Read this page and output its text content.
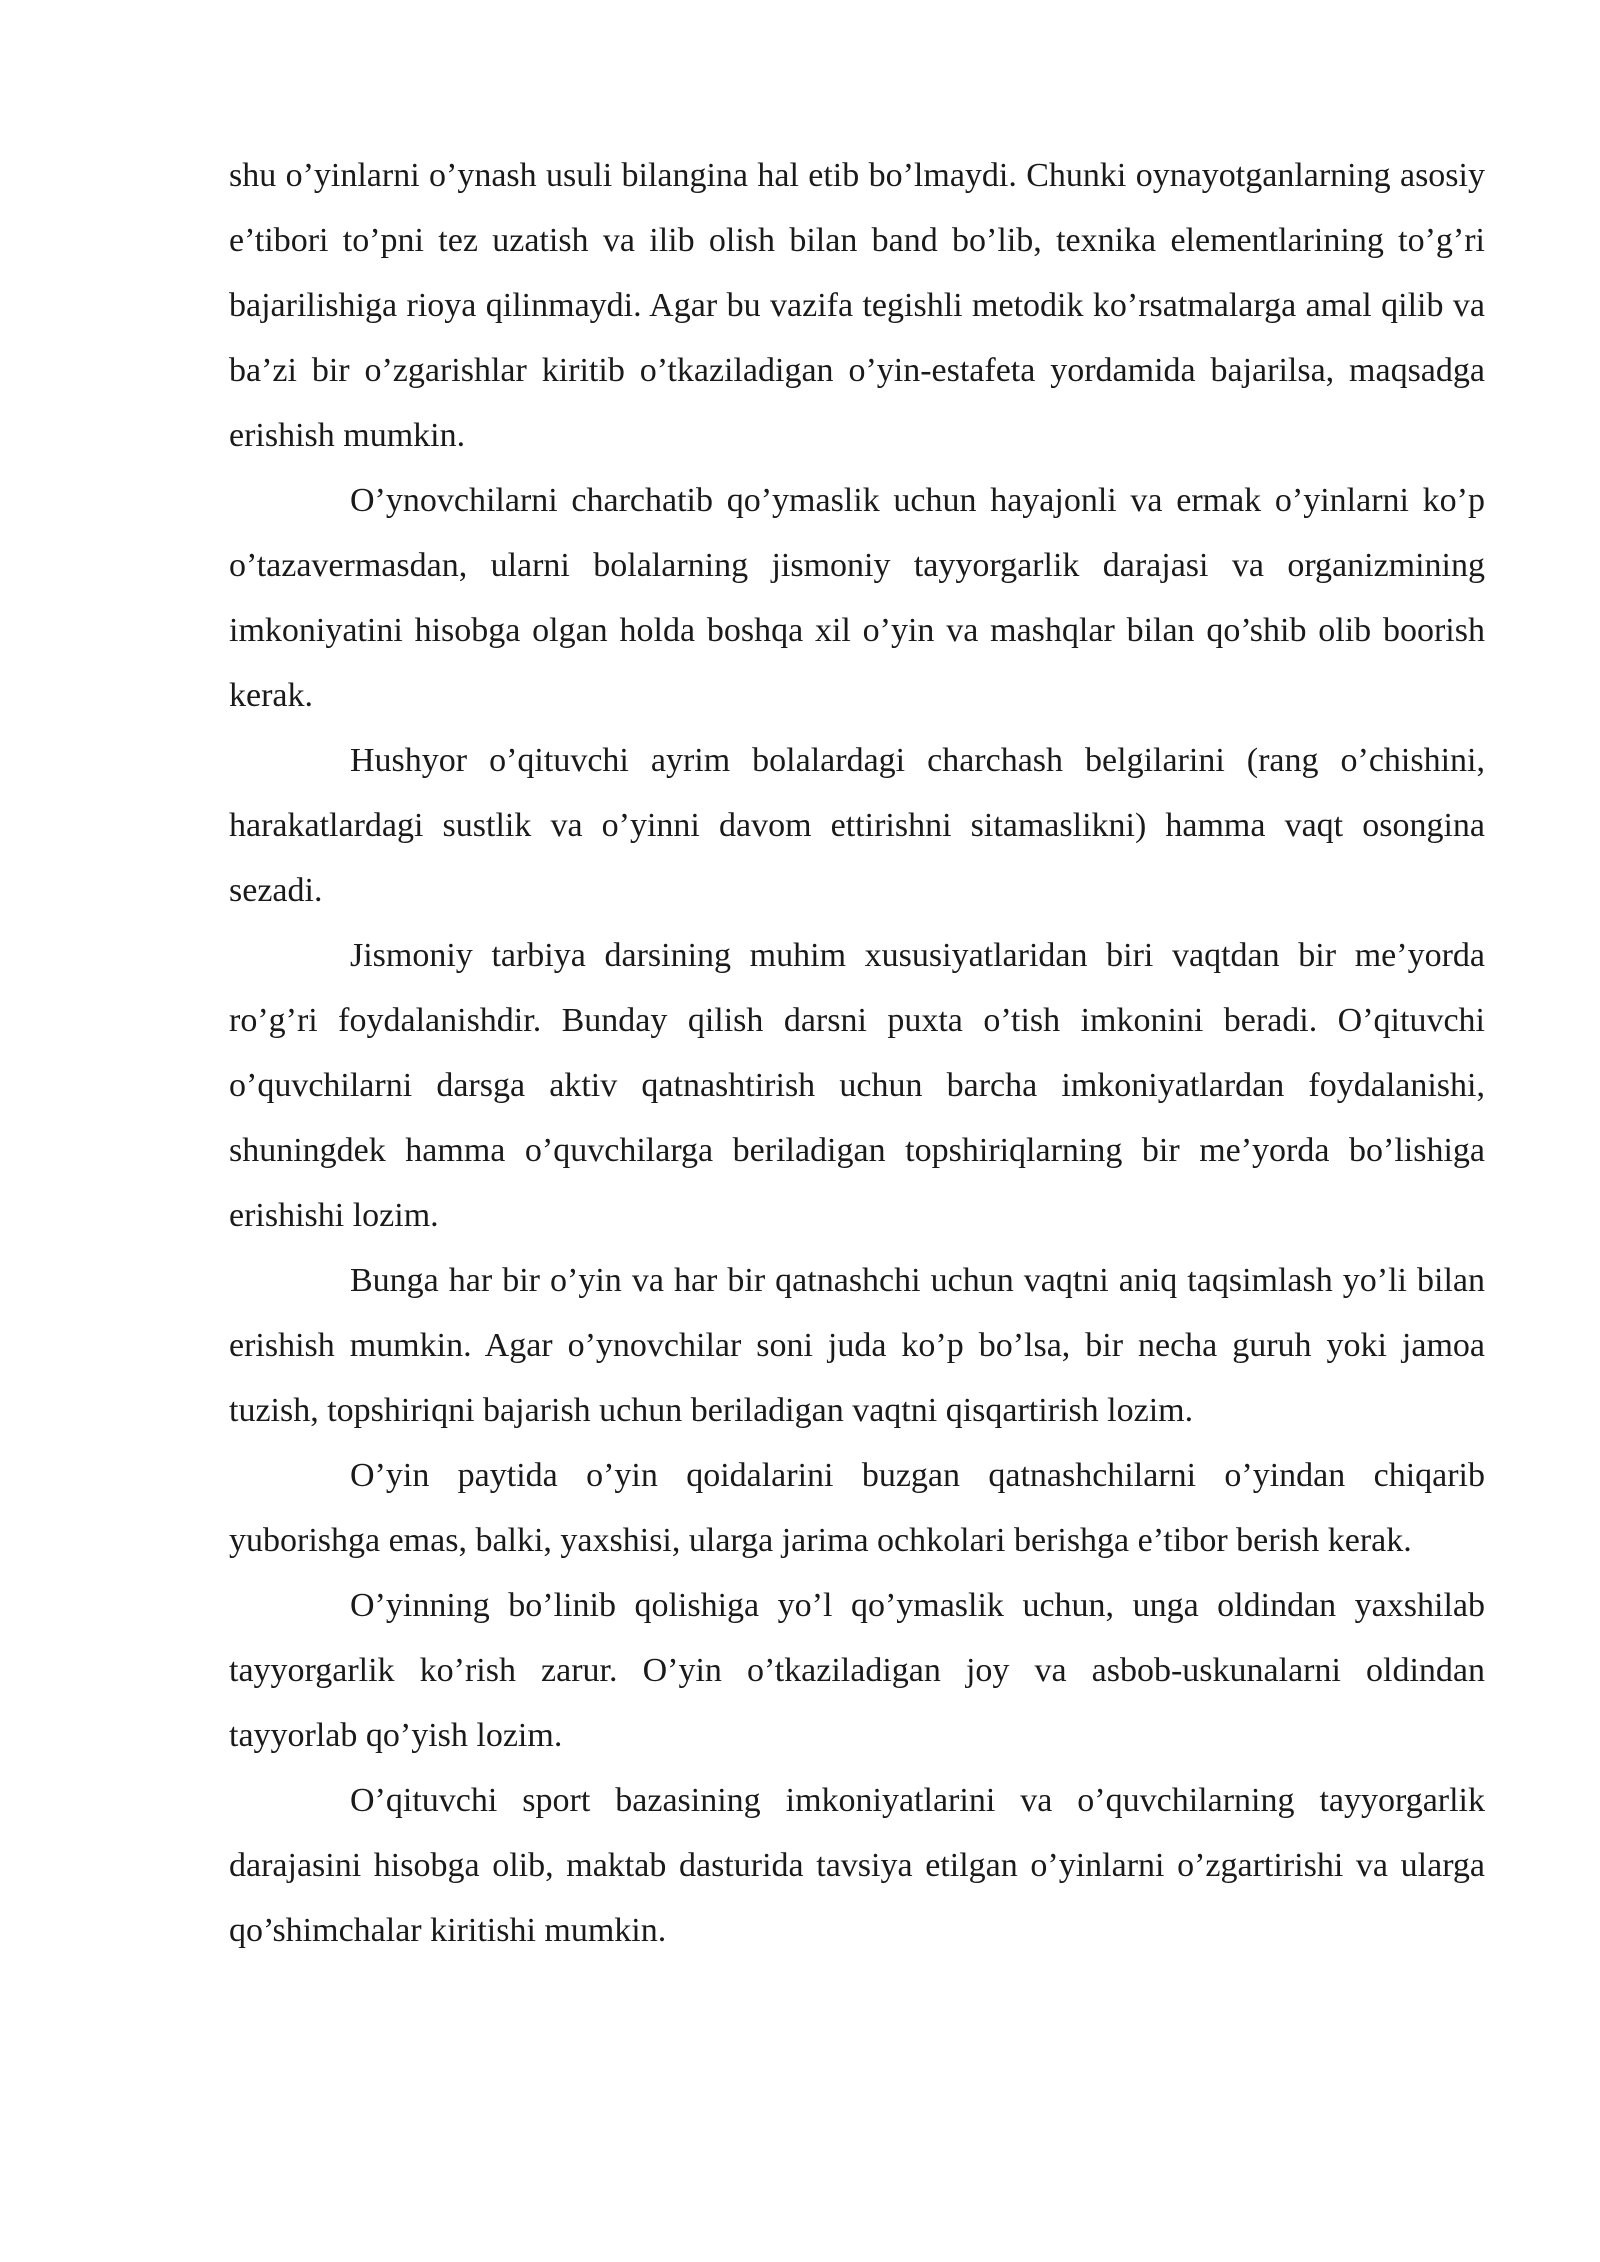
shu o’yinlarni o’ynash usuli bilangina hal etib bo’lmaydi. Chunki oynayotganlarning asosiy e’tibori to’pni tez uzatish va ilib olish bilan band bo’lib, texnika elementlarining to’g’ri bajarilishiga rioya qilinmaydi. Agar bu vazifa tegishli metodik ko’rsatmalarga amal qilib va ba’zi bir o’zgarishlar kiritib o’tkaziladigan o’yin-estafeta yordamida bajarilsa, maqsadga erishish mumkin.

O’ynovchilarni charchatib qo’ymaslik uchun hayajonli va ermak o’yinlarni ko’p o’tazavermasdan, ularni bolalarning jismoniy tayyorgarlik darajasi va organizmining imkoniyatini hisobga olgan holda boshqa xil o’yin va mashqlar bilan qo’shib olib boorish kerak.

Hushyor o’qituvchi ayrim bolalardagi charchash belgilarini (rang o’chishini, harakatlardagi sustlik va o’yinni davom ettirishni sitamaslikni) hamma vaqt osongina sezadi.

Jismoniy tarbiya darsining muhim xususiyatlaridan biri vaqtdan bir me’yorda ro’g’ri foydalanishdir. Bunday qilish darsni puxta o’tish imkonini beradi. O’qituvchi o’quvchilarni darsga aktiv qatnashtirish uchun barcha imkoniyatlardan foydalanishi, shuningdek hamma o’quvchilarga beriladigan topshiriqlarning bir me’yorda bo’lishiga erishishi lozim.

Bunga har bir o’yin va har bir qatnashchi uchun vaqtni aniq taqsimlash yo’li bilan erishish mumkin. Agar o’ynovchilar soni juda ko’p bo’lsa, bir necha guruh yoki jamoa tuzish, topshiriqni bajarish uchun beriladigan vaqtni qisqartirish lozim.

O’yin paytida o’yin qoidalarini buzgan qatnashchilarni o’yindan chiqarib yuborishga emas, balki, yaxshisi, ularga jarima ochkolari berishga e’tibor berish kerak.

O’yinning bo’linib qolishiga yo’l qo’ymaslik uchun, unga oldindan yaxshilab tayyorgarlik ko’rish zarur. O’yin o’tkaziladigan joy va asbob-uskunalarni oldindan tayyorlab qo’yish lozim.

O’qituvchi sport bazasining imkoniyatlarini va o’quvchilarning tayyorgarlik darajasini hisobga olib, maktab dasturida tavsiya etilgan o’yinlarni o’zgartirishi va ularga qo’shimchalar kiritishi mumkin.
